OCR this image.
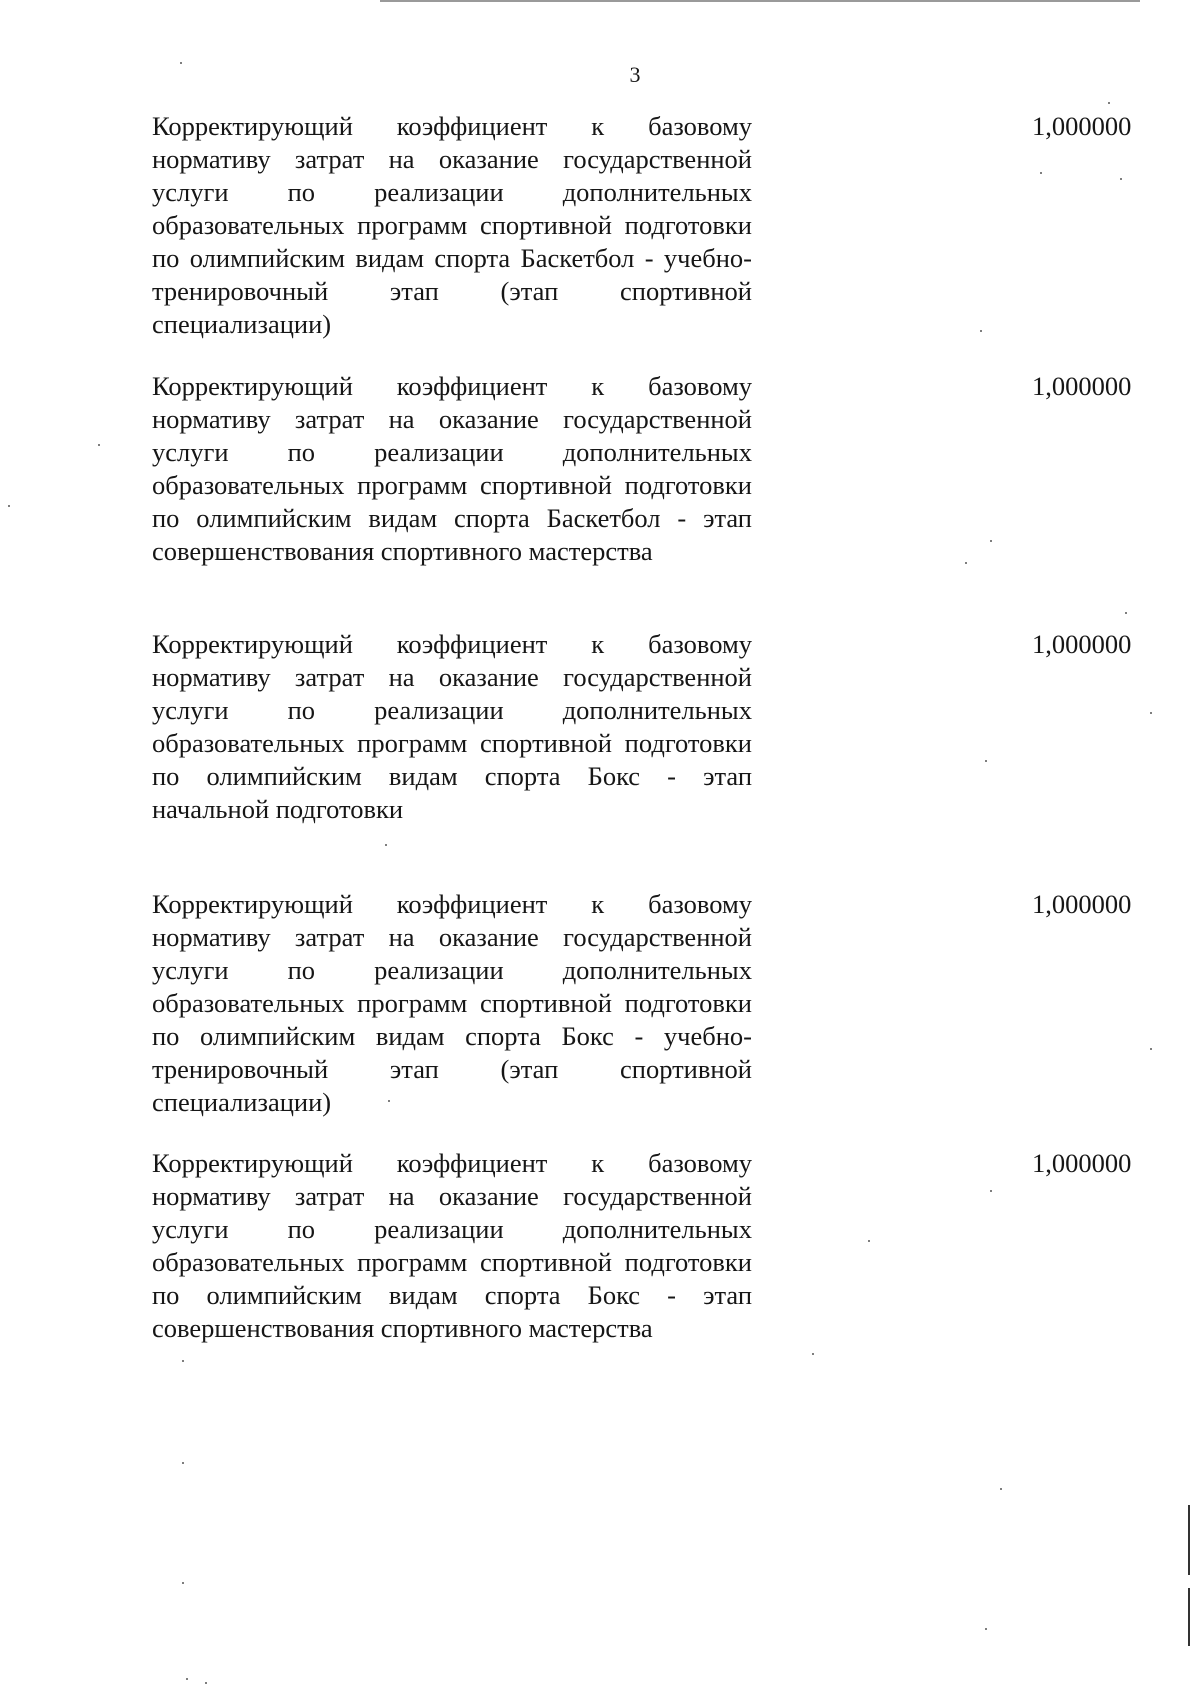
3

Корректирующий коэффициент к базовому нормативу затрат на оказание государственной услуги по реализации дополнительных образовательных программ спортивной подготовки по олимпийским видам спорта Баскетбол - учебно-тренировочный этап (этап спортивной специализации)

1,000000

Корректирующий коэффициент к базовому нормативу затрат на оказание государственной услуги по реализации дополнительных образовательных программ спортивной подготовки по олимпийским видам спорта Баскетбол - этап совершенствования спортивного мастерства

1,000000

Корректирующий коэффициент к базовому нормативу затрат на оказание государственной услуги по реализации дополнительных образовательных программ спортивной подготовки по олимпийским видам спорта Бокс - этап начальной подготовки

1,000000

Корректирующий коэффициент к базовому нормативу затрат на оказание государственной услуги по реализации дополнительных образовательных программ спортивной подготовки по олимпийским видам спорта Бокс - учебно-тренировочный этап (этап спортивной специализации)

1,000000

Корректирующий коэффициент к базовому нормативу затрат на оказание государственной услуги по реализации дополнительных образовательных программ спортивной подготовки по олимпийским видам спорта Бокс - этап совершенствования спортивного мастерства

1,000000
